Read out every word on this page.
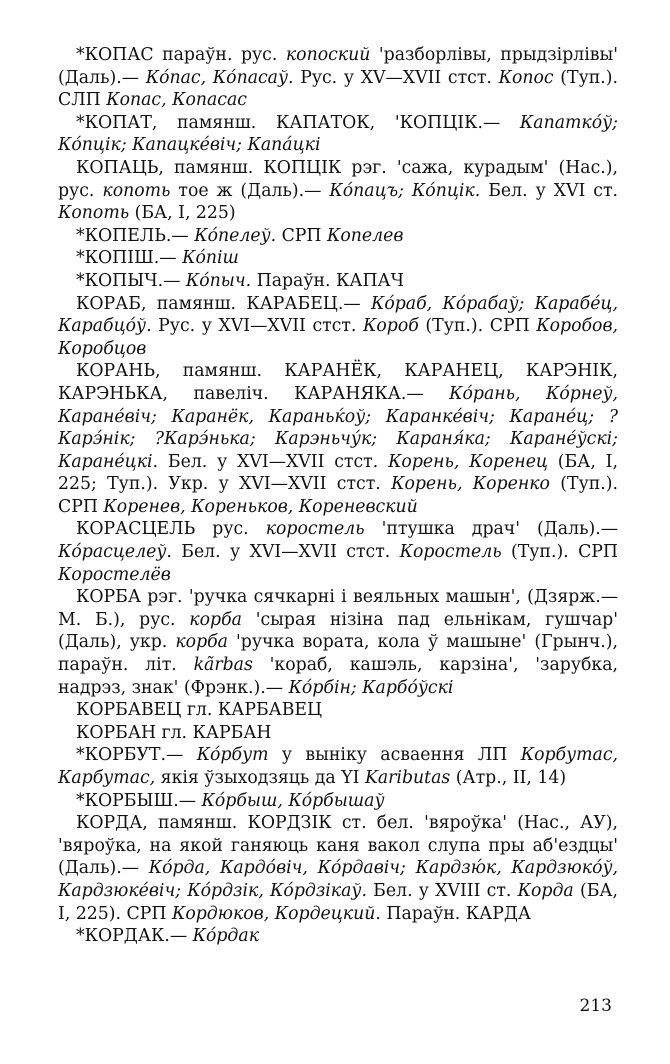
*КОПАС параўн. рус. копоский 'разборлівы, прыдзірлівы' (Даль).— Ко́пас, Ко́пасаў. Рус. у XV—XVII стст. Копос (Туп.). СЛП Копас, Копасас

*КОПАТ, памянш. КАПАТОК, 'КОПЦІК.— Капатко́ў; Ко́пцік; Капацке́віч; Капа́цкі

КОПАЦЬ, памянш. КОПЦІК рэг. 'сажа, курадым' (Нас.), рус. копоть тое ж (Даль).— Ко́пацъ; Ко́пцік. Бел. у XVI ст. Копоть (БА, I, 225)

*КОПЕЛЬ.— Ко́пелеў. СРП Копелев

*КОПІШ.— Ко́піш

*КОПЫЧ.— Ко́пыч. Параўн. КАПАЧ

КОРАБ, памянш. КАРАБЕЦ.— Ко́раб, Ко́рабаў; Карабе́ц, Карабцо́ў. Рус. у XVI—XVII стст. Короб (Туп.). СРП Коробов, Коробцов

КОРАНЬ, памянш. КАРАНЁК, КАРАНЕЦ, КАРЭНІК, КАРЭНЬКА, павеліч. КАРАНЯКА.— Ко́рань, Ко́рнеў, Каране́віч; Каранёк, Караньќоў; Каранке́віч; Каране́ц; ?Карэ́нік; ?Карэ́нька; Карэньчу́к; Караня́ка; Каране́ўскі; Каране́цкі. Бел. у XVI—XVII стст. Корень, Коренец (БА, I, 225; Туп.). Укр. у XVI—XVII стст. Корень, Коренко (Туп.). СРП Коренев, Кореньков, Кореневский

КОРАСЦЕЛЬ рус. коростель 'птушка драч' (Даль).— Ко́расцелеў. Бел. у XVI—XVII стст. Коростель (Туп.). СРП Коростелёв

КОРБА рэг. 'ручка сячкарні і веяльных машын', (Дзярж.— М. Б.), рус. корба 'сырая нізіна пад ельнікам, гушчар' (Даль), укр. корба 'ручка вората, кола ў машыне' (Грынч.), параўн. літ. kãrbas 'кораб, кашэль, карзіна', 'зарубка, надрэз, знак' (Фрэнк.).— Ко́рбін; Карбо́ўскі

КОРБАВЕЦ гл. КАРБАВЕЦ

КОРБАН гл. КАРБАН

*КОРБУТ.— Ко́рбут у выніку асваення ЛП Корбутас, Карбутас, якія ўзыходзяць да YI Kaributas (Атр., II, 14)

*КОРБЫШ.— Ко́рбыш, Ко́рбышаў

КОРДА, памянш. КОРДЗІК ст. бел. 'вяроўка' (Нас., АУ), 'вяроўка, на якой ганяюць каня вакол слупа пры аб'ездцы' (Даль).— Ко́рда, Кардо́віч, Ко́рдавіч; Кардзю́к, Кардзюко́ў, Кардзюке́віч; Ко́рдзік, Ко́рдзікаў. Бел. у XVIII ст. Корда (БА, I, 225). СРП Кордюков, Кордецкий. Параўн. КАРДА

*КОРДАК.— Ко́рдак

213
